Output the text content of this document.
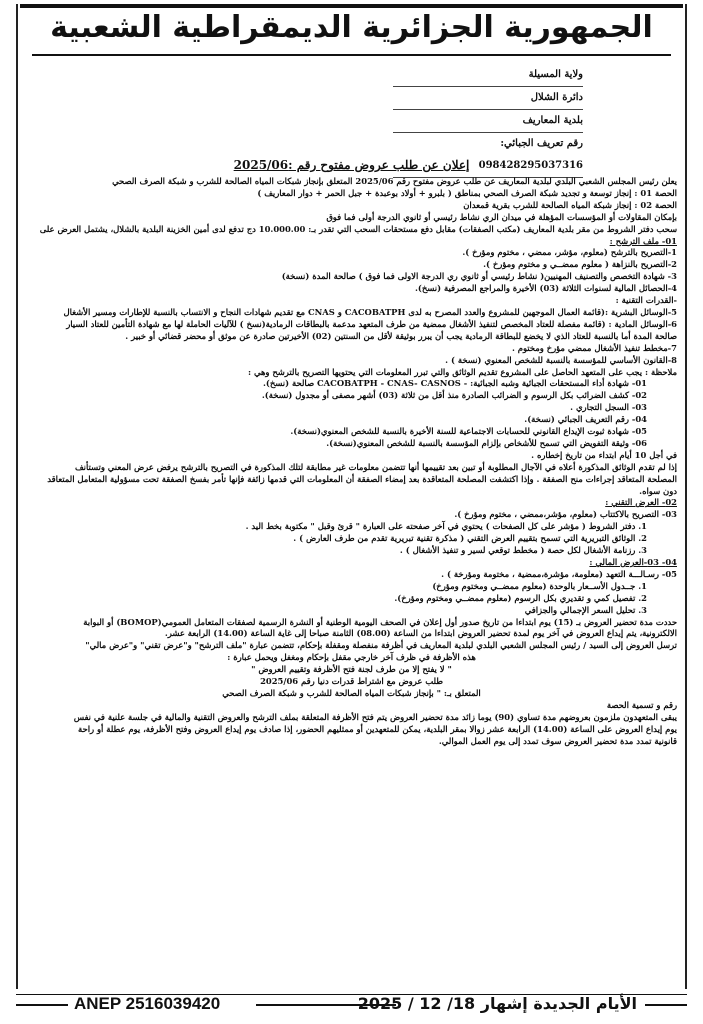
الجمهورية الجزائرية الديمقراطية الشعبية
ولاية المسيلة
دائرة الشلال
بلدية المعاريف
رقم تعريف الجبائي: 098428295037316
إعلان عن طلب عروض مفتوح رقم :2025/06

يعلن رئيس المجلس الشعبي البلدي لبلدية المعاريف عن طلب عروض مفتوح رقم 2025/06 المتعلق بإنجاز شبكات المياه الصالحة للشرب و شبكة الصرف الصحي

الحصة 01 : إنجاز توسعة و تجديد شبكة الصرف الصحي بمناطق ( بلبرو + أولاد بوعبدة + جبل الحمر + دوار المعاريف )

الحصة 02 : إنجاز شبكة المياه الصالحة للشرب بقرية قمعدان

بإمكان المقاولات أو المؤسسات المؤهلة في ميدان الري نشاط رئيسي أو ثانوي الدرجة أولى فما فوق

سحب دفتر الشروط من مقر بلدية المعاريف (مكتب الصفقات) مقابل دفع مستحقات السحب التي تقدر بـ: 10.000.00 دج تدفع لدى أمين الخزينة البلدية بالشلال، يشتمل العرض على

01- ملف الترشح :

1-التصريح بالترشح (معلوم، مؤشر، ممضي ، مختوم ومؤرخ ).

2-التصريح بالنزاهة ( معلوم ممضــي و مختوم ومؤرخ ).

3- شهادة التخصص والتصنيف المهنيين( نشاط رئيسي أو ثانوي ري الدرجة الاولى فما فوق ) صالحة المدة (نسخة)

4-الحصائل المالية لسنوات الثلاثة (03) الأخيرة والمراجع المصرفية (نسخ).

-القدرات التقنية :

5-الوسائل البشرية :(قائمة العمال الموجهين للمشروع والعدد المصرح به لدى CACOBATPH و CNAS مع تقديم شهادات النجاح و الانتساب بالنسبة للإطارات ومسير الأشغال

6-الوسائل المادية : (قائمة مفصلة للعتاد المخصص لتنفيذ الأشغال ممضية من طرف المتعهد مدعمة بالبطاقات الرمادية(نسخ ) للآليات الحاملة لها مع شهادة التأمين للعتاد السيار

صالحة المدة أما بالنسبة للعتاد الذي لا يخضع للبطاقة الرمادية يجب أن يبرر بوثيقة لأقل من السنتين (02) الأخيرتين صادرة عن موثق أو محضر قضائي أو خبير .

7-مخطط تنفيذ الأشغال ممضي مؤرخ ومختوم .

8-القانون الأساسي للمؤسسة بالنسبة للشخص المعنوي (نسخة ) .

ملاحظة : يجب على المتعهد الحاصل على المشروع تقديم الوثائق والتي تبرر المعلومات التي يحتويها التصريح بالترشح وهي :

01- شهادة أداء المستحقات الجبائية وشبه الجبائية: - CACOBATPH - CNAS- CASNOS صالحة (نسخ).

02- كشف الضرائب بكل الرسوم و الضرائب الصادرة منذ أقل من ثلاثة (03) أشهر مصفى أو مجدول (نسخة).

03- السجل التجاري .

04- رقم التعريف الجبائي (نسخة).

05- شهادة ثبوت الإيداع القانوني للحسابات الاجتماعية للسنة الأخيرة بالنسبة للشخص المعنوي(نسخة).

06- وثيقة التفويض التي تسمح للأشخاص بإلزام المؤسسة بالنسبة للشخص المعنوي(نسخة).

في أجل 10 أيام ابتداء من تاريخ إخطاره .

إذا لم تقدم الوثائق المذكورة أعلاه في الآجال المطلوبة أو تبين بعد تقييمها أنها تتضمن معلومات غير مطابقة لتلك المذكورة في التصريح بالترشح يرفض عرض المعني وتستأنف

المصلحة المتعاقد إجراءات منح الصفقة . وإذا اكتشفت المصلحة المتعاقدة بعد إمضاء الصفقة أن المعلومات التي قدمها زائفة فإنها تأمر بفسخ الصفقة تحت مسؤولية المتعامل المتعاقد

دون سواه.

02- العرض التقني :

03- التصريح بالاكتتاب (معلوم، مؤشر،ممضي ، مختوم ومؤرخ ).

1. دفتر الشروط ( مؤشر على كل الصفحات ) يحتوي في آخر صفحته على العبارة " قرئ وقبل " مكتوبة بخط اليد .

2. الوثائق التبريرية التي تسمح بتقييم العرض التقني ( مذكرة تقنية تبريرية تقدم من طرف العارض ) .

3. رزنامة الأشغال لكل حصة ( مخطط توقعي لسير و تنفيذ الأشغال ) .

04- 03-العرض المالي :

05- رسـالـــة التعهد (معلومة، مؤشرة،ممضية ، مختومة ومؤرخة ) .

1. جــدول الأســعار بالوحدة (معلوم ممضــي ومختوم ومؤرخ)

2. تفصيل كمي و تقديري بكل الرسوم (معلوم ممضــي ومختوم ومؤرخ).

3. تحليل السعر الإجمالي والجزافي

حددت مدة تحضير العروض بـ (15) يوم ابتداءا من تاريخ صدور أول إعلان في الصحف اليومية الوطنية أو النشرة الرسمية لصفقات المتعامل العمومي(BOMOP) أو البوابة

الالكترونية، يتم إيداع العروض في آخر يوم لمدة تحضير العروض ابتداءا من الساعة (08.00) الثامنة صباحا إلى غاية الساعة (14.00) الرابعة عشر.

ترسل العروض إلى السيد / رئيس المجلس الشعبي البلدي لبلدية المعاريف في أظرفة منفصلة ومقفلة بإحكام، تتضمن عبارة "ملف الترشح" و"عرض تقني" و"عرض مالي"

هذه الأظرفة في ظرف آخر خارجي مقفل بإحكام ومغفل ويحمل عبارة :

" لا يفتح إلا من طرف لجنة فتح الأظرفة وتقييم العروض "

طلب عروض مع اشتراط قدرات دنيا رقم 2025/06

المتعلق بـ: " بإنجاز شبكات المياه الصالحة للشرب و شبكة الصرف الصحي

رقم و تسمية الحصة

يبقى المتعهدون ملزمون بعروضهم مدة تساوي (90) يوما زائد مدة تحضير العروض يتم فتح الأظرفة المتعلقة بملف الترشح والعروض التقنية والمالية في جلسة علنية في نفس

يوم إيداع العروض على الساعة (14.00) الرابعة عشر زوالا بمقر البلدية، يمكن للمتعهدين أو ممثليهم الحضور، إذا صادف يوم إيداع العروض وفتح الأظرفة، يوم عطلة أو راحة

قانونية تمدد مدة تحضير العروض سوف تمدد إلى يوم العمل الموالي.

ANEP 2516039420	الأيام الجديدة إشهار 18/ 12 / 2025
